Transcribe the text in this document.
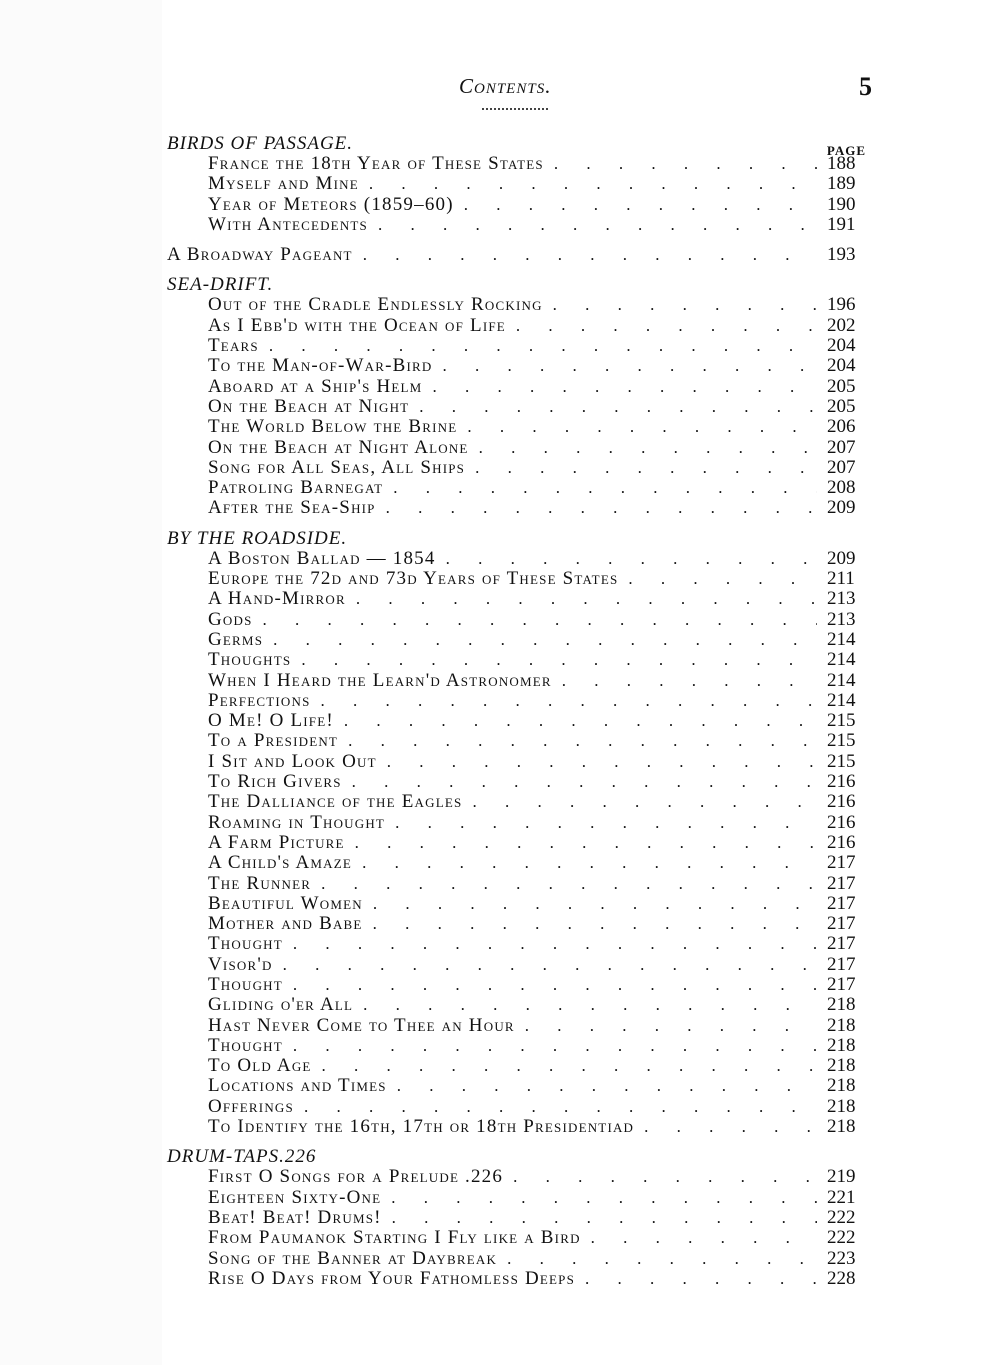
Contents.	5
PAGE
BIRDS OF PASSAGE.
France the 18th Year of These States . . .	188
Myself and Mine . . .	189
Year of Meteors (1859–60) . . .	190
With Antecedents . . .	191
A Broadway Pageant . . .	193
SEA-DRIFT.
Out of the Cradle Endlessly Rocking . . .	196
As I Ebb'd with the Ocean of Life . . .	202
Tears . . .	204
To the Man-of-War-Bird . . .	204
Aboard at a Ship's Helm . . .	205
On the Beach at Night . . .	205
The World Below the Brine . . .	206
On the Beach at Night Alone . . .	207
Song for All Seas, All Ships . . .	207
Patroling Barnegat . . .	208
After the Sea-Ship . . .	209
BY THE ROADSIDE.
A Boston Ballad — 1854 . . .	209
Europe the 72d and 73d Years of These States . . .	211
A Hand-Mirror . . .	213
Gods . . .	213
Germs . . .	214
Thoughts . . .	214
When I Heard the Learn'd Astronomer . . .	214
Perfections . . .	214
O Me! O Life! . . .	215
To a President . . .	215
I Sit and Look Out . . .	215
To Rich Givers . . .	216
The Dalliance of the Eagles . . .	216
Roaming in Thought . . .	216
A Farm Picture . . .	216
A Child's Amaze . . .	217
The Runner . . .	217
Beautiful Women . . .	217
Mother and Babe . . .	217
Thought . . .	217
Visor'd . . .	217
Thought . . .	217
Gliding o'er All . . .	218
Hast Never Come to Thee an Hour . . .	218
Thought . . .	218
To Old Age . . .	218
Locations and Times . . .	218
Offerings . . .	218
To Identify the 16th, 17th or 18th Presidentiad . . .	218
DRUM-TAPS.226
First O Songs for a Prelude .226 . . .	219
Eighteen Sixty-One . . .	221
Beat! Beat! Drums! . . .	222
From Paumanok Starting I Fly like a Bird . . .	222
Song of the Banner at Daybreak . . .	223
Rise O Days from Your Fathomless Deeps . . .	228
